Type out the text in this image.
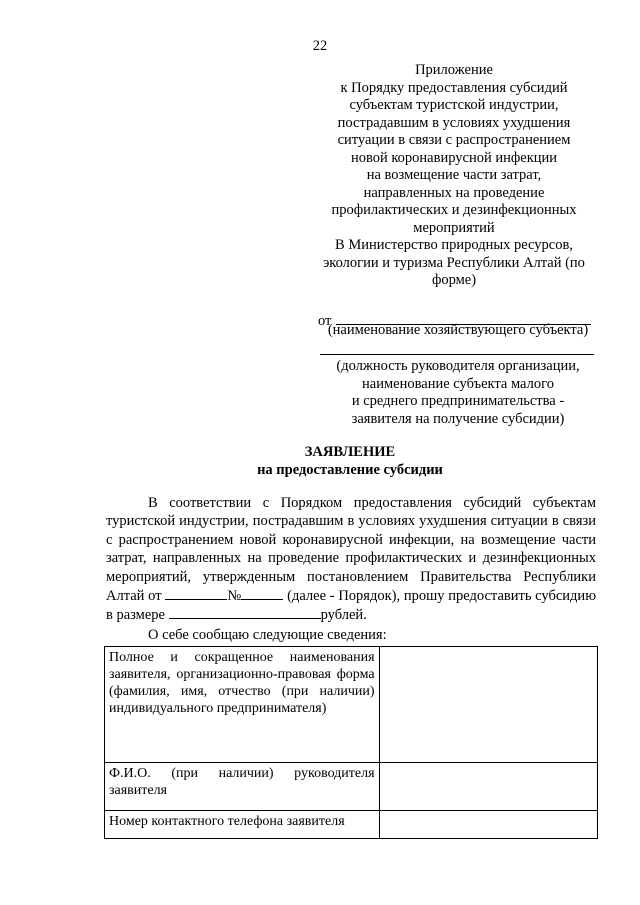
22
Приложение
к Порядку предоставления субсидий
субъектам туристской индустрии,
пострадавшим в условиях ухудшения
ситуации в связи с распространением
новой коронавирусной инфекции
на возмещение части затрат,
направленных на проведение
профилактических и дезинфекционных
мероприятий
В Министерство природных ресурсов,
экологии и туризма Республики Алтай (по
форме)
от
(наименование хозяйствующего субъекта)
(должность руководителя организации,
наименование субъекта малого
и среднего предпринимательства -
заявителя на получение субсидии)
ЗАЯВЛЕНИЕ
на предоставление субсидии
В соответствии с Порядком предоставления субсидий субъектам туристской индустрии, пострадавшим в условиях ухудшения ситуации в связи с распространением новой коронавирусной инфекции, на возмещение части затрат, направленных на проведение профилактических и дезинфекционных мероприятий, утвержденным постановлением Правительства Республики Алтай от	№	(далее - Порядок), прошу предоставить субсидию в размере	рублей.
О себе сообщаю следующие сведения:
Полное и сокращенное наименования заявителя, организационно-правовая форма (фамилия, имя, отчество (при наличии) индивидуального предпринимателя)	
Ф.И.О. (при наличии) руководителя заявителя	
Номер контактного телефона заявителя	
